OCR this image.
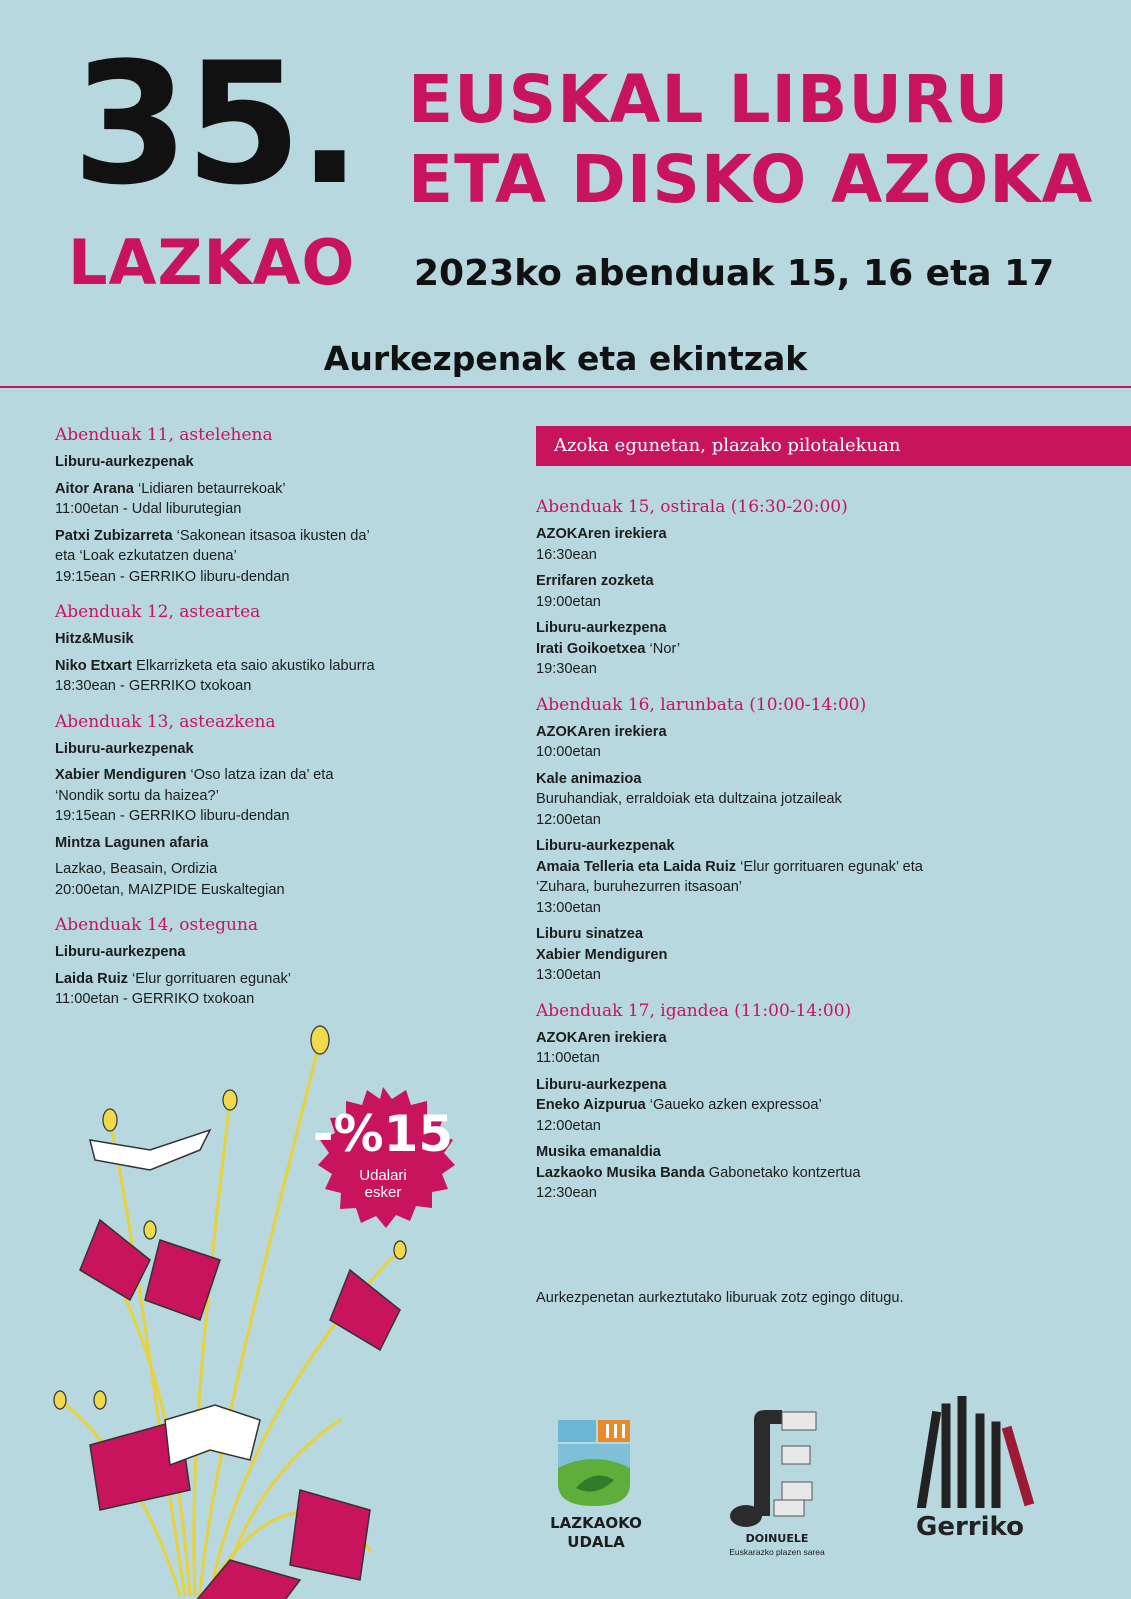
35. EUSKAL LIBURU
ETA DISKO AZOKA
LAZKAO 2023ko abenduak 15, 16 eta 17
Aurkezpenak eta ekintzak
Abenduak 11, astelehena
Liburu-aurkezpenak
Aitor Arana ‘Lidiaren betaurrekoak’
11:00etan - Udal liburutegian
Patxi Zubizarreta ‘Sakonean itsasoa ikusten da’
eta ‘Loak ezkutatzen duena’
19:15ean - GERRIKO liburu-dendan
Abenduak 12, asteartea
Hitz&Musik
Niko Etxart Elkarrizketa eta saio akustiko laburra
18:30ean - GERRIKO txokoan
Abenduak 13, asteazkena
Liburu-aurkezpenak
Xabier Mendiguren ‘Oso latza izan da’ eta
‘Nondik sortu da haizea?’
19:15ean - GERRIKO liburu-dendan
Mintza Lagunen afaria
Lazkao, Beasain, Ordizia
20:00etan, MAIZPIDE Euskaltegian
Abenduak 14, osteguna
Liburu-aurkezpena
Laida Ruiz ‘Elur gorrituaren egunak’
11:00etan - GERRIKO txokoan
Azoka egunetan, plazako pilotalekuan
Abenduak 15, ostirala (16:30-20:00)
AZOKAren irekiera
16:30ean
Errifaren zozketa
19:00etan
Liburu-aurkezpena
Irati Goikoetxea ‘Nor’
19:30ean
Abenduak 16, larunbata (10:00-14:00)
AZOKAren irekiera
10:00etan
Kale animazioa
Buruhandiak, erraldoiak eta dultzaina jotzaileak
12:00etan
Liburu-aurkezpenak
Amaia Telleria eta Laida Ruiz ‘Elur gorrituaren egunak’ eta
‘Zuhara, buruhezurren itsasoan’
13:00etan
Liburu sinatzea
Xabier Mendiguren
13:00etan
Abenduak 17, igandea (11:00-14:00)
AZOKAren irekiera
11:00etan
Liburu-aurkezpena
Eneko Aizpurua ‘Gaueko azken expressoa’
12:00etan
Musika emanaldia
Lazkaoko Musika Banda Gabonetako kontzertua
12:30ean
Aurkezpenetan aurkeztutako liburuak zotz egingo ditugu.
-%15
Udalari
esker
LAZKAOKO
UDALA	DOINUELE
Euskarazko plazen sarea
Gerriko
